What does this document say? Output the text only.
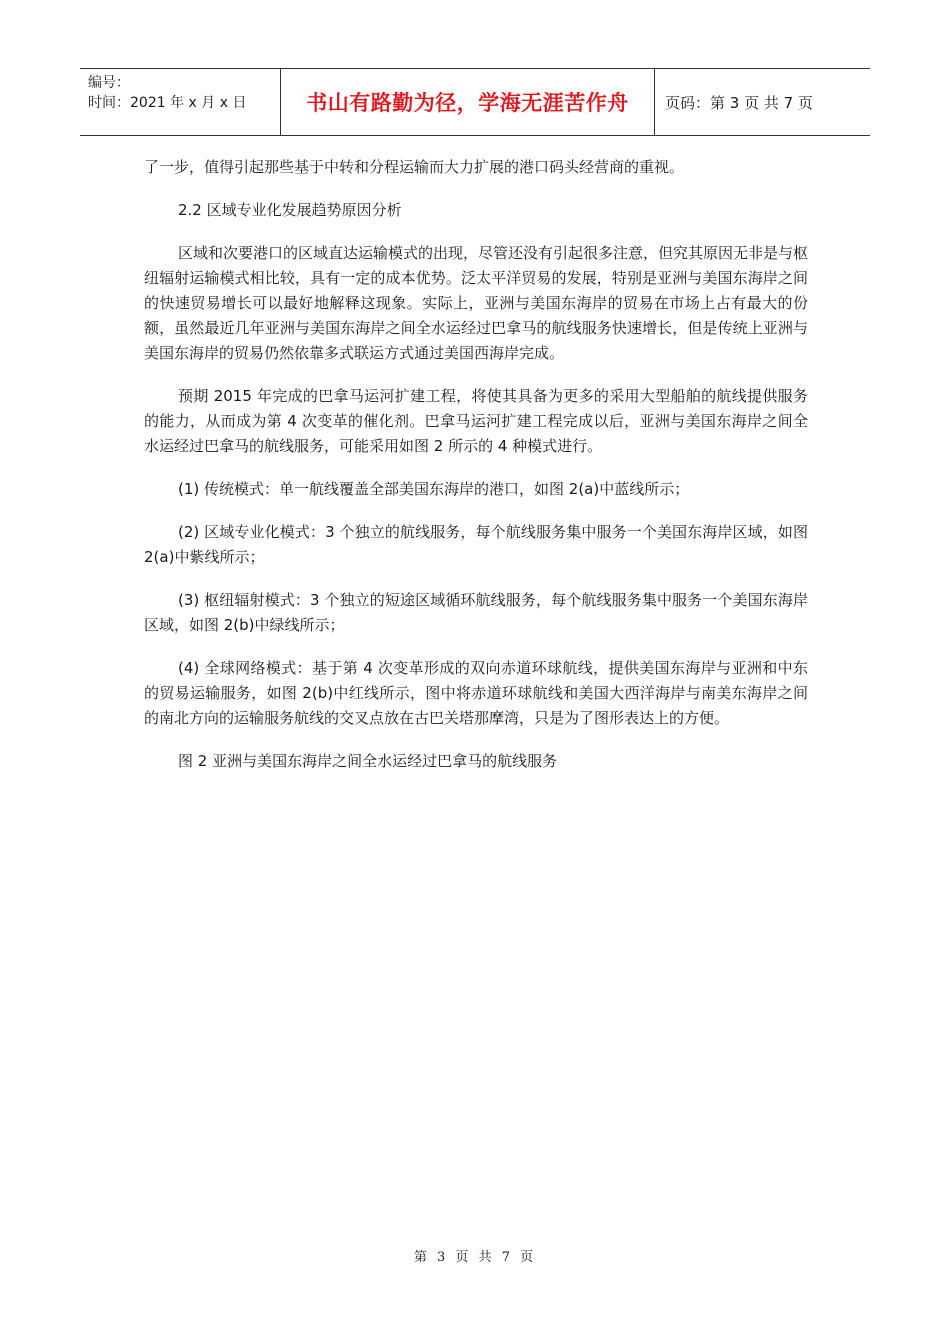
编号：
时间：2021 年 x 月 x 日	书山有路勤为径，学海无涯苦作舟	页码：第 3 页 共 7 页

了一步，值得引起那些基于中转和分程运输而大力扩展的港口码头经营商的重视。

2.2 区域专业化发展趋势原因分析

区域和次要港口的区域直达运输模式的出现，尽管还没有引起很多注意，但究其原因无非是与枢纽辐射运输模式相比较，具有一定的成本优势。泛太平洋贸易的发展，特别是亚洲与美国东海岸之间的快速贸易增长可以最好地解释这现象。实际上，亚洲与美国东海岸的贸易在市场上占有最大的份额，虽然最近几年亚洲与美国东海岸之间全水运经过巴拿马的航线服务快速增长，但是传统上亚洲与美国东海岸的贸易仍然依靠多式联运方式通过美国西海岸完成。

预期 2015 年完成的巴拿马运河扩建工程，将使其具备为更多的采用大型船舶的航线提供服务的能力，从而成为第 4 次变革的催化剂。巴拿马运河扩建工程完成以后，亚洲与美国东海岸之间全水运经过巴拿马的航线服务，可能采用如图 2 所示的 4 种模式进行。

(1) 传统模式：单一航线覆盖全部美国东海岸的港口，如图 2(a)中蓝线所示；

(2) 区域专业化模式：3 个独立的航线服务，每个航线服务集中服务一个美国东海岸区域，如图 2(a)中紫线所示；

(3) 枢纽辐射模式：3 个独立的短途区域循环航线服务，每个航线服务集中服务一个美国东海岸区域，如图 2(b)中绿线所示；

(4) 全球网络模式：基于第 4 次变革形成的双向赤道环球航线，提供美国东海岸与亚洲和中东的贸易运输服务，如图 2(b)中红线所示，图中将赤道环球航线和美国大西洋海岸与南美东海岸之间的南北方向的运输服务航线的交叉点放在古巴关塔那摩湾，只是为了图形表达上的方便。

图 2 亚洲与美国东海岸之间全水运经过巴拿马的航线服务

第 3 页 共 7 页
